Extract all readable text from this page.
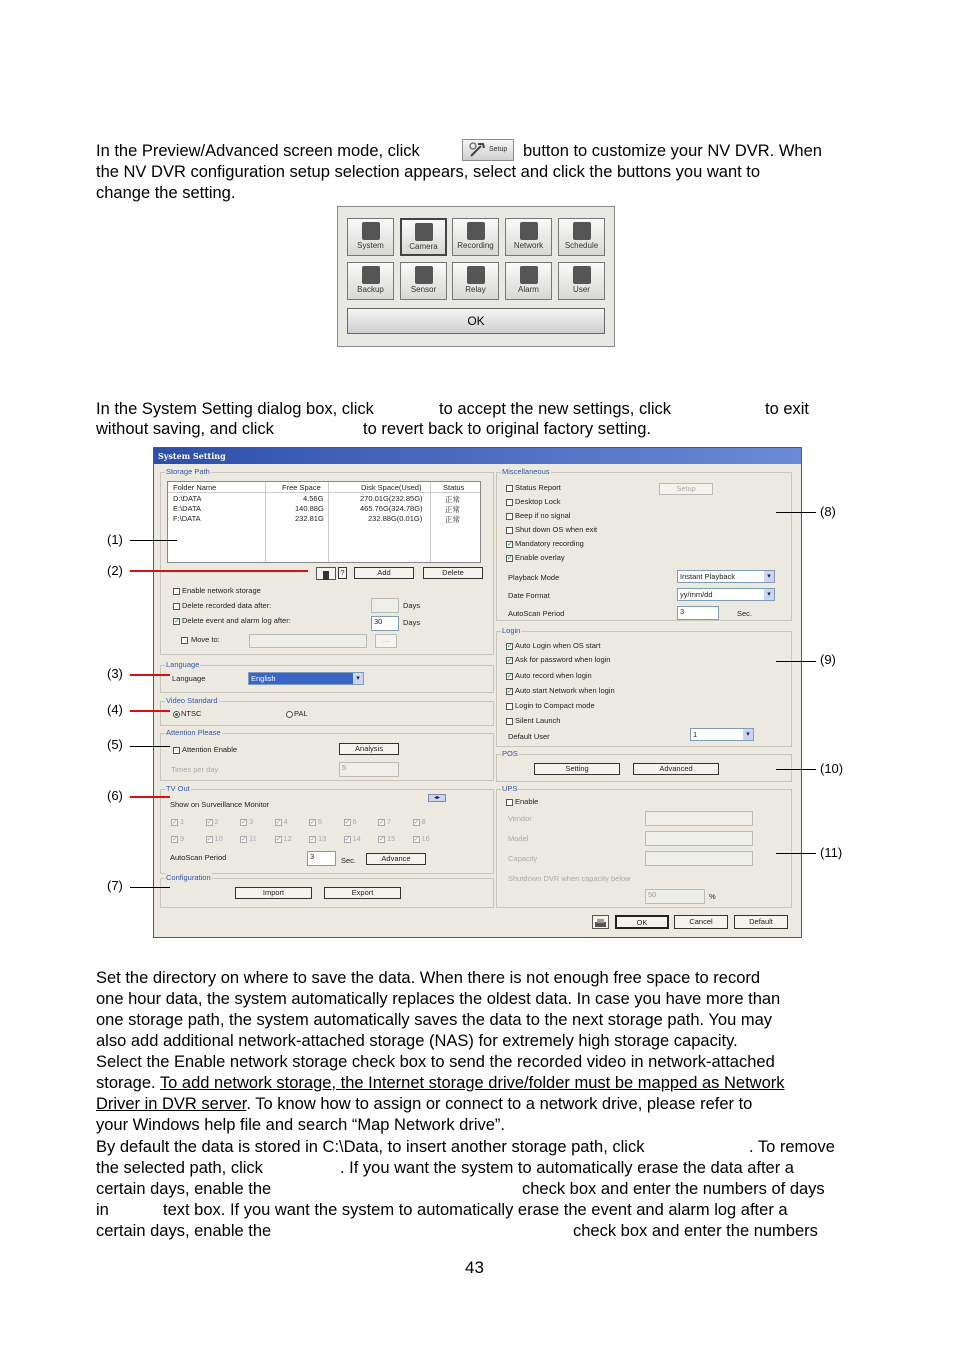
In the Preview/Advanced screen mode, click	Setup button to customize your NV DVR. When
the NV DVR configuration setup selection appears, select and click the buttons you want to
change the setting.
System	Camera	Recording	Network	Schedule
Backup	Sensor	Relay	Alarm	User
OK
In the System Setting dialog box, click	to accept the new settings, click	to exit
without saving, and click	to revert back to original factory setting.
System Setting
Storage Path
Folder Name	Free Space	Disk Space(Used)	Status
D:\DATA	4.56G	270.01G(232.85G)	正常
E:\DATA	140.88G	465.76G(324.78G)	正常
F:\DATA	232.81G	232.88G(0.01G)	正常
?	Add	Delete
Enable network storage
Delete recorded data after:	Days
✓ Delete event and alarm log after:	30	Days
Move to:	...
Language
Language	English	▾
Video Standard
NTSC	PAL
Attention Please
Attention Enable	Analysis
Times per day	5
TV Out
Show on Surveillance Monitor
◂▸
✓ 1	✓ 2	✓ 3	✓ 4	✓ 5	✓ 6	✓ 7	✓ 8
✓ 9	✓ 10	✓ 11	✓ 12	✓ 13	✓ 14	✓ 15	✓ 16
AutoScan Period	3	Sec.	Advance
Configuration
Import	Export
Miscellaneous
Status Report	Setup
Desktop Lock
Beep if no signal
Shut down OS when exit
✓ Mandatory recording
✓ Enable overlay
Playback Mode	Instant Playback	▾
Date Format	yy/mm/dd	▾
AutoScan Period	3	Sec.
Login
✓ Auto Login when OS start
✓ Ask for password when login
✓ Auto record when login
✓ Auto start Network when login
Login to Compact mode
Silent Launch
Default User	1	▾
POS
Setting	Advanced
UPS
Enable
Vendor
Model
Capacity
Shutdown DVR when capacity below
50	%
OK	Cancel	Default
(1)
(2)
(3)
(4)
(5)
(6)
(7)
(8)
(9)
(10)
(11)
Set the directory on where to save the data. When there is not enough free space to record
one hour data, the system automatically replaces the oldest data. In case you have more than
one storage path, the system automatically saves the data to the next storage path. You may
also add additional network-attached storage (NAS) for extremely high storage capacity.
Select the Enable network storage check box to send the recorded video in network-attached
storage. To add network storage, the Internet storage drive/folder must be mapped as Network
Driver in DVR server. To know how to assign or connect to a network drive, please refer to
your Windows help file and search “Map Network drive”.
By default the data is stored in C:\Data, to insert another storage path, click	. To remove
the selected path, click	. If you want the system to automatically erase the data after a
certain days, enable the	check box and enter the numbers of days
in	text box. If you want the system to automatically erase the event and alarm log after a
certain days, enable the	check box and enter the numbers
43
